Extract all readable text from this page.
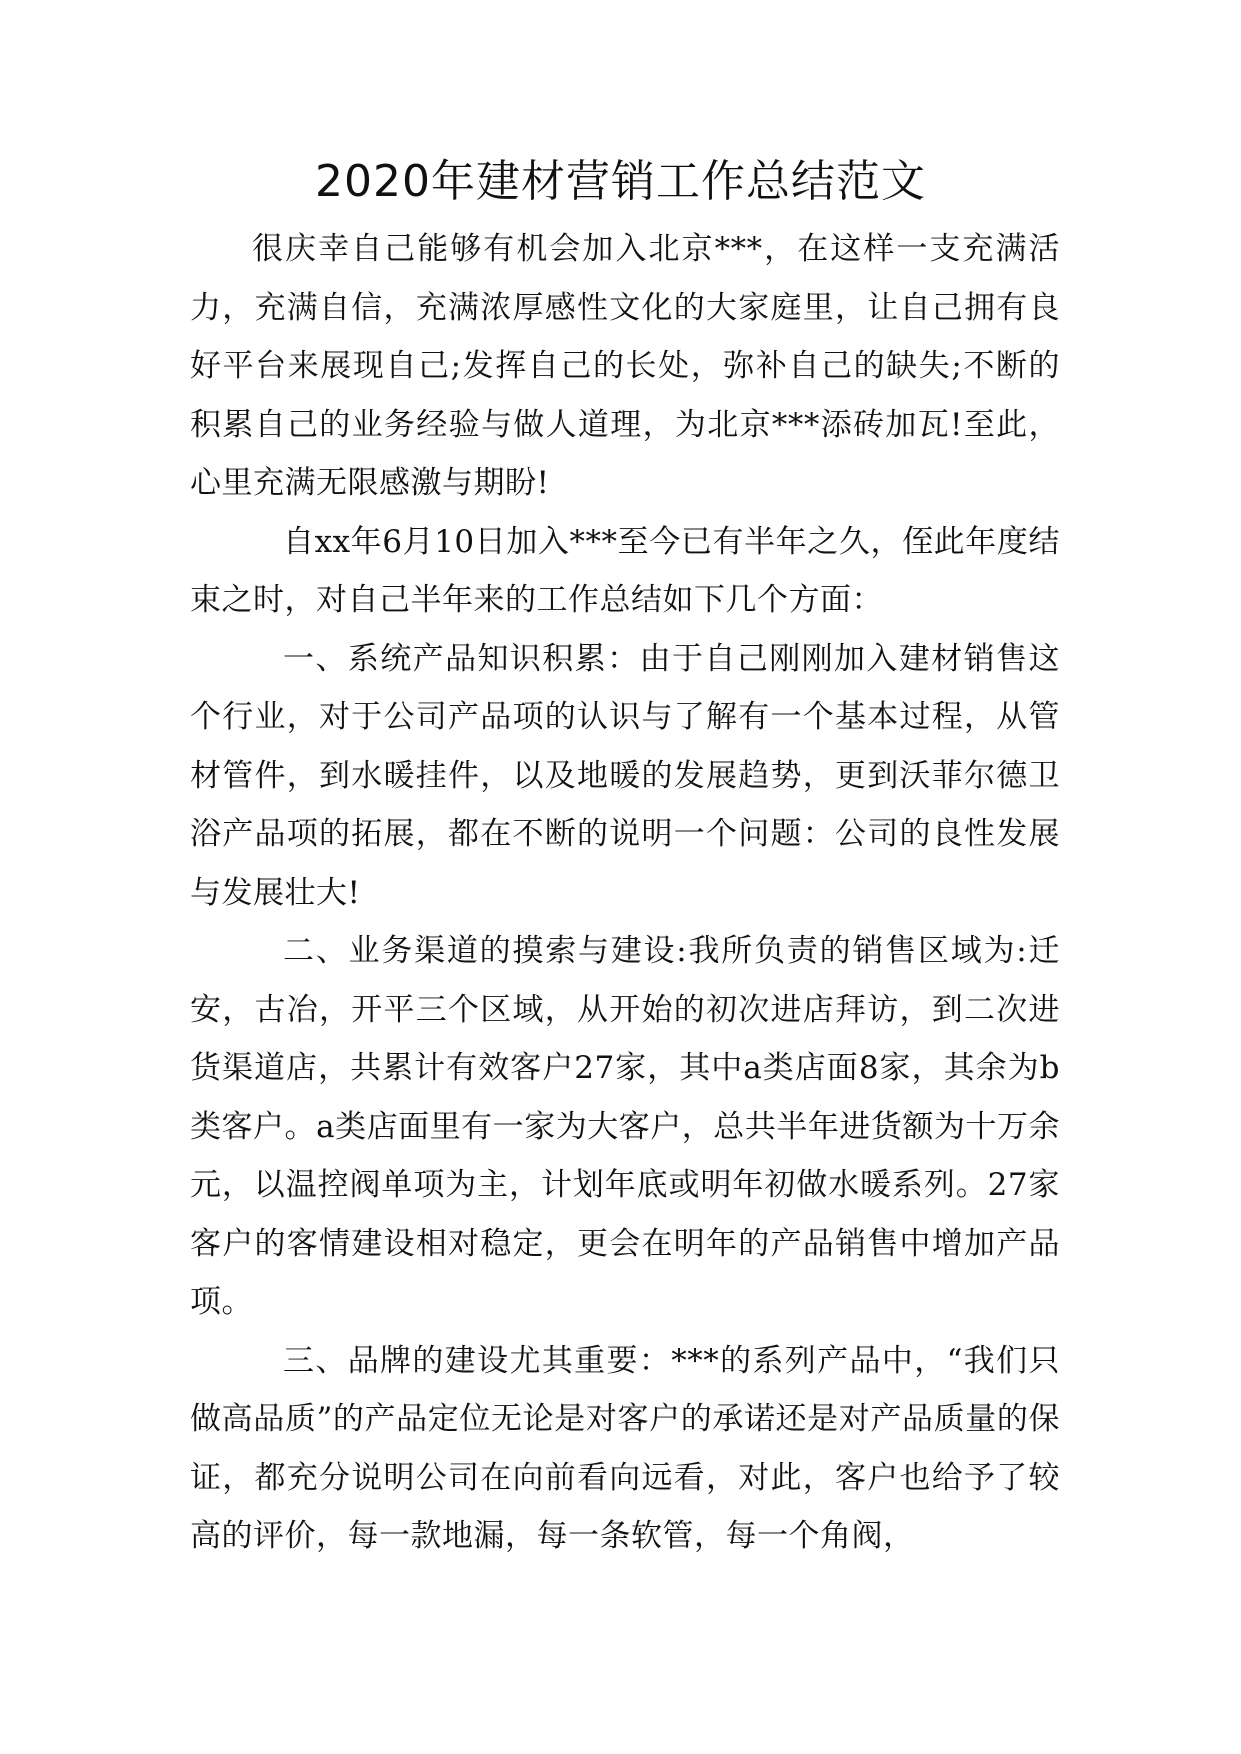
2020年建材营销工作总结范文

很庆幸自己能够有机会加入北京***，在这样一支充满活力，充满自信，充满浓厚感性文化的大家庭里，让自己拥有良好平台来展现自己;发挥自己的长处，弥补自己的缺失;不断的积累自己的业务经验与做人道理，为北京***添砖加瓦!至此，心里充满无限感激与期盼!

自xx年6月10日加入***至今已有半年之久，侄此年度结束之时，对自己半年来的工作总结如下几个方面：

一、系统产品知识积累：由于自己刚刚加入建材销售这个行业，对于公司产品项的认识与了解有一个基本过程，从管材管件，到水暖挂件，以及地暖的发展趋势，更到沃菲尔德卫浴产品项的拓展，都在不断的说明一个问题：公司的良性发展与发展壮大!

二、业务渠道的摸索与建设:我所负责的销售区域为:迁安，古冶，开平三个区域，从开始的初次进店拜访，到二次进货渠道店，共累计有效客户27家，其中a类店面8家，其余为b类客户。a类店面里有一家为大客户，总共半年进货额为十万余元，以温控阀单项为主，计划年底或明年初做水暖系列。27家客户的客情建设相对稳定，更会在明年的产品销售中增加产品项。

三、品牌的建设尤其重要：***的系列产品中，“我们只做高品质”的产品定位无论是对客户的承诺还是对产品质量的保证，都充分说明公司在向前看向远看，对此，客户也给予了较高的评价，每一款地漏，每一条软管，每一个角阀，
